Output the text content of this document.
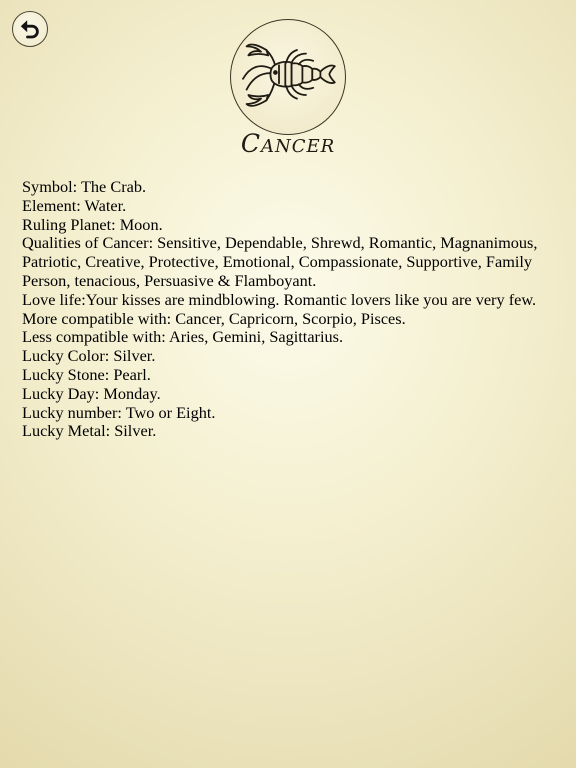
Cancer
Symbol: The Crab.
Element: Water.
Ruling Planet: Moon.
Qualities of Cancer: Sensitive, Dependable, Shrewd, Romantic, Magnanimous, Patriotic, Creative, Protective, Emotional, Compassionate, Supportive, Family Person, tenacious, Persuasive & Flamboyant.
Love life:Your kisses are mindblowing. Romantic lovers like you are very few.
More compatible with: Cancer, Capricorn, Scorpio, Pisces.
Less compatible with: Aries, Gemini, Sagittarius.
Lucky Color: Silver.
Lucky Stone: Pearl.
Lucky Day: Monday.
Lucky number: Two or Eight.
Lucky Metal: Silver.
